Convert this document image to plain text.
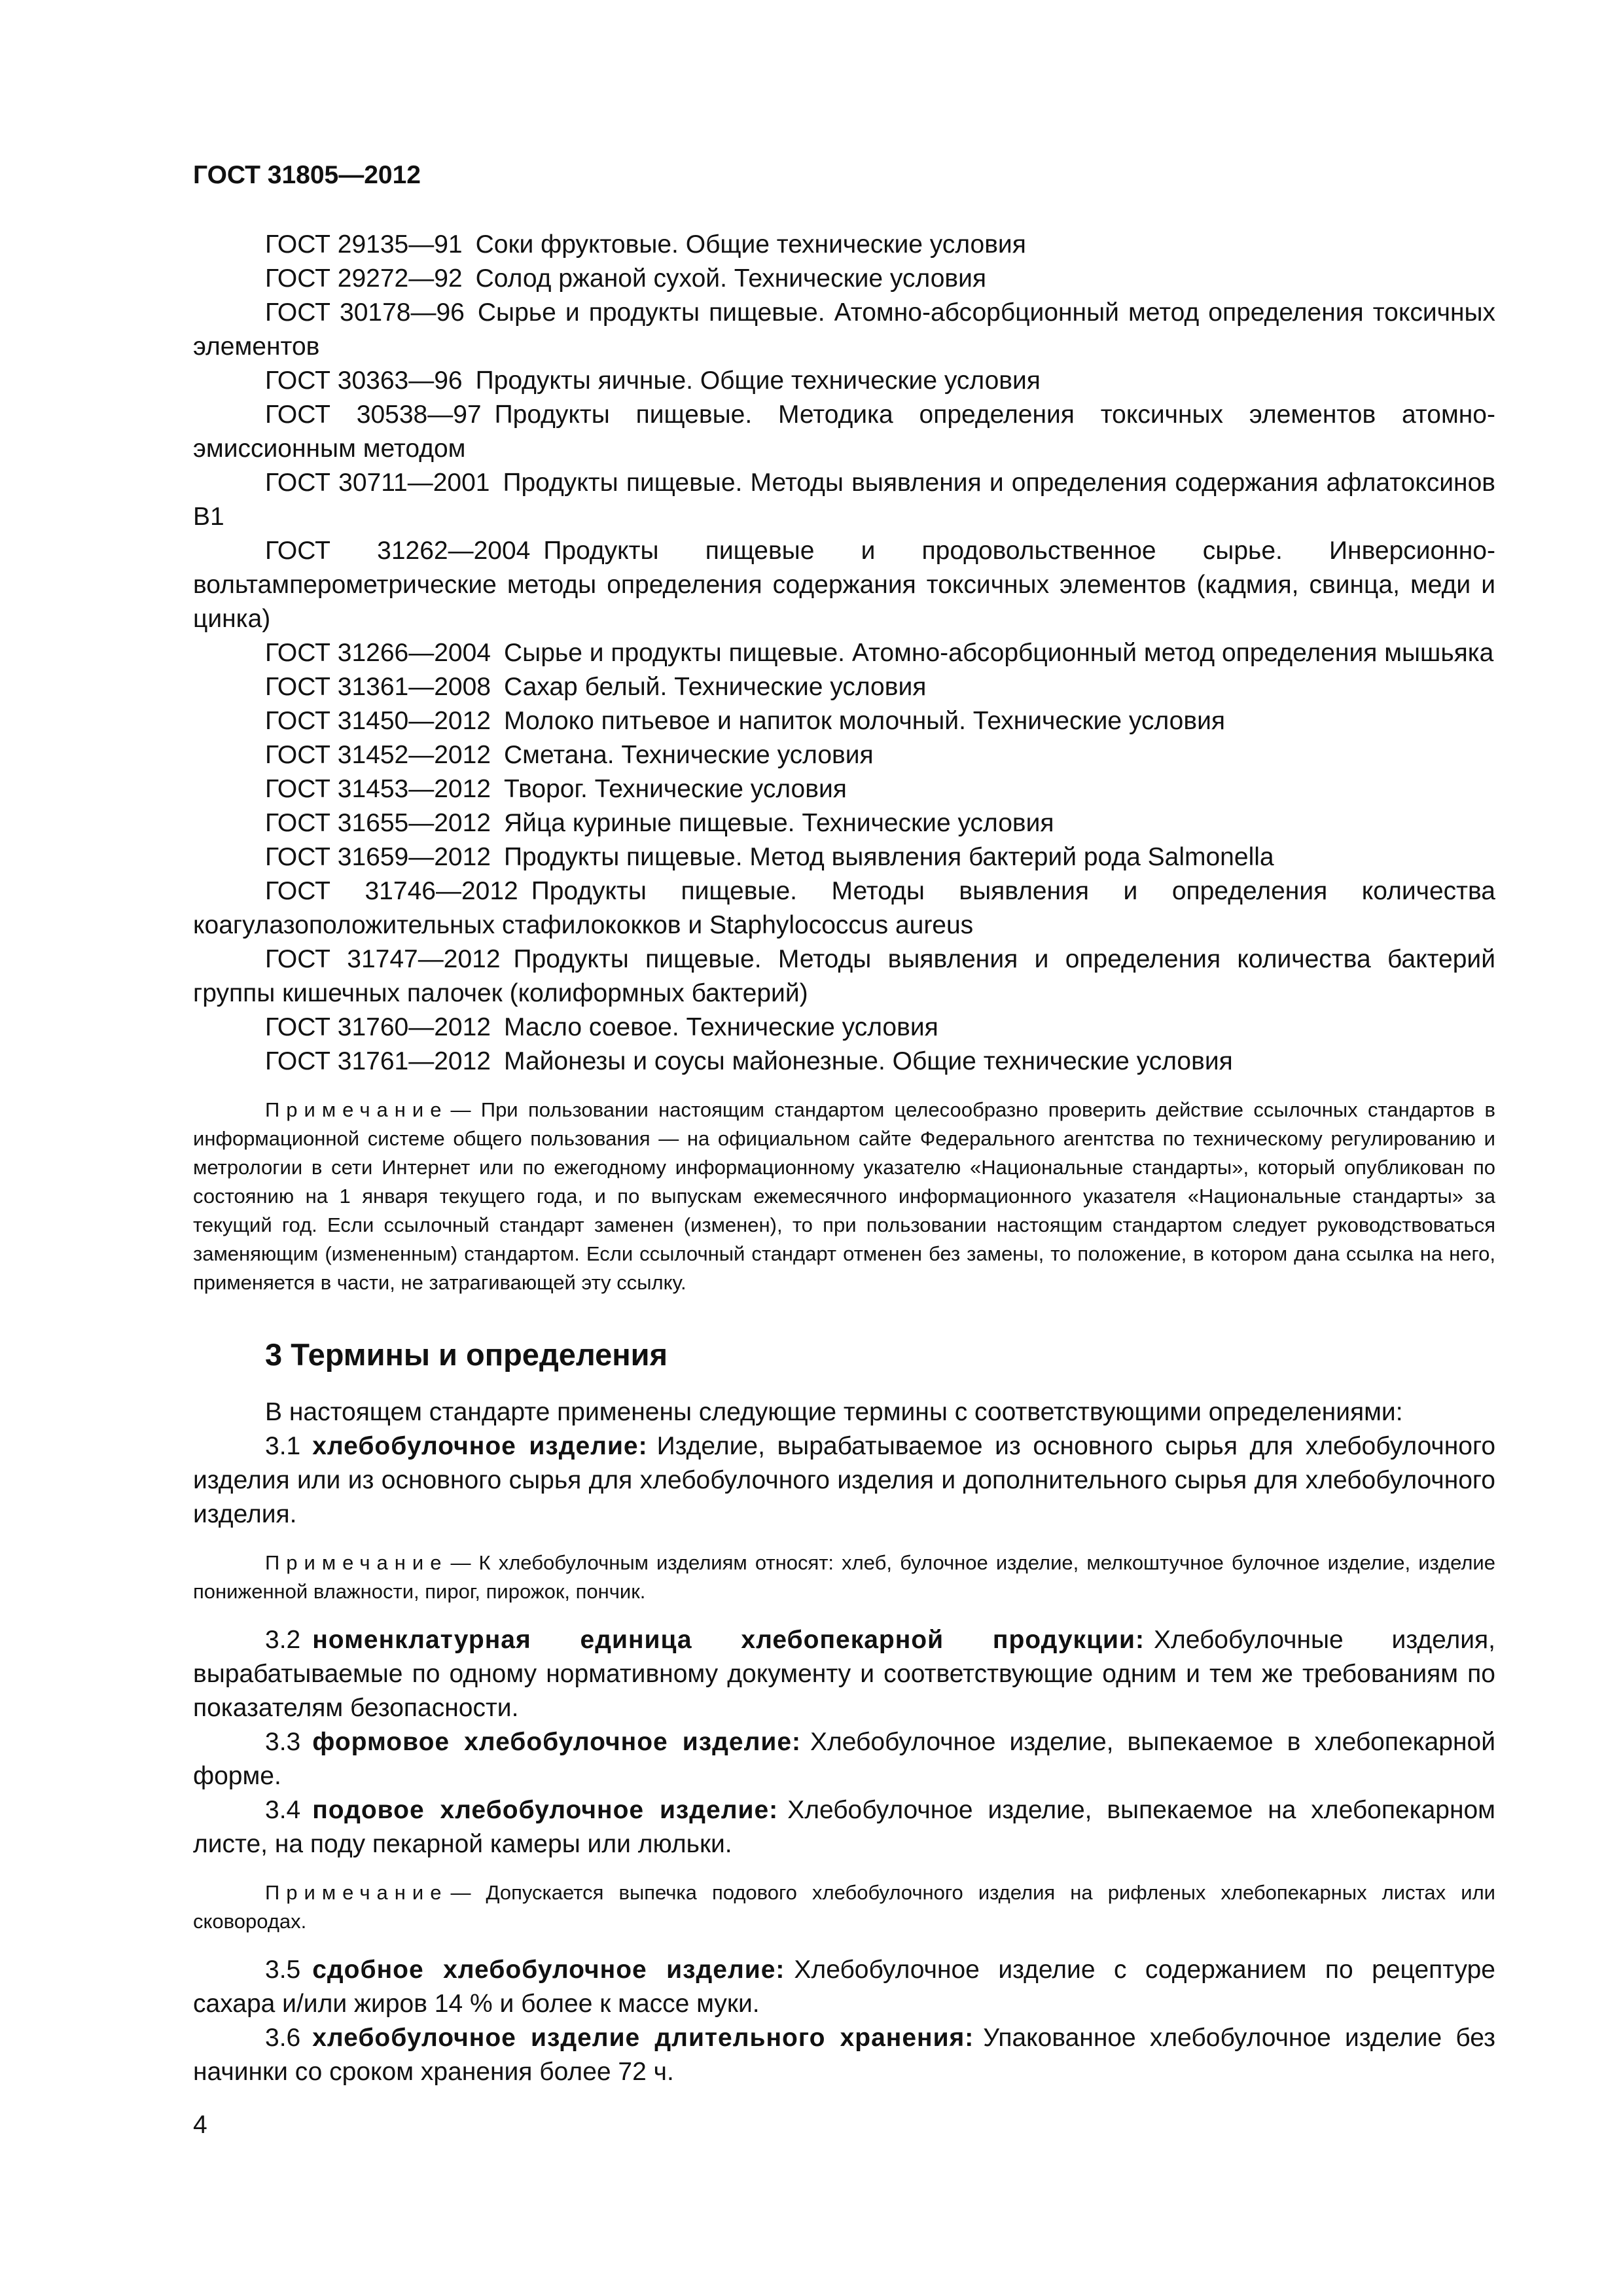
ГОСТ 31805—2012

ГОСТ 29135—91 Соки фруктовые. Общие технические условия

ГОСТ 29272—92 Солод ржаной сухой. Технические условия

ГОСТ 30178—96 Сырье и продукты пищевые. Атомно-абсорбционный метод определения токсичных элементов

ГОСТ 30363—96 Продукты яичные. Общие технические условия

ГОСТ 30538—97 Продукты пищевые. Методика определения токсичных элементов атомно-эмиссионным методом

ГОСТ 30711—2001 Продукты пищевые. Методы выявления и определения содержания афлатоксинов В1

ГОСТ 31262—2004 Продукты пищевые и продовольственное сырье. Инверсионно-вольтамперометрические методы определения содержания токсичных элементов (кадмия, свинца, меди и цинка)

ГОСТ 31266—2004 Сырье и продукты пищевые. Атомно-абсорбционный метод определения мышьяка

ГОСТ 31361—2008 Сахар белый. Технические условия

ГОСТ 31450—2012 Молоко питьевое и напиток молочный. Технические условия

ГОСТ 31452—2012 Сметана. Технические условия

ГОСТ 31453—2012 Творог. Технические условия

ГОСТ 31655—2012 Яйца куриные пищевые. Технические условия

ГОСТ 31659—2012 Продукты пищевые. Метод выявления бактерий рода Salmonella

ГОСТ 31746—2012 Продукты пищевые. Методы выявления и определения количества коагулазоположительных стафилококков и Staphylococcus aureus

ГОСТ 31747—2012 Продукты пищевые. Методы выявления и определения количества бактерий группы кишечных палочек (колиформных бактерий)

ГОСТ 31760—2012 Масло соевое. Технические условия

ГОСТ 31761—2012 Майонезы и соусы майонезные. Общие технические условия

Примечание — При пользовании настоящим стандартом целесообразно проверить действие ссылочных стандартов в информационной системе общего пользования — на официальном сайте Федерального агентства по техническому регулированию и метрологии в сети Интернет или по ежегодному информационному указателю «Национальные стандарты», который опубликован по состоянию на 1 января текущего года, и по выпускам ежемесячного информационного указателя «Национальные стандарты» за текущий год. Если ссылочный стандарт заменен (изменен), то при пользовании настоящим стандартом следует руководствоваться заменяющим (измененным) стандартом. Если ссылочный стандарт отменен без замены, то положение, в котором дана ссылка на него, применяется в части, не затрагивающей эту ссылку.

3 Термины и определения

В настоящем стандарте применены следующие термины с соответствующими определениями:

3.1 хлебобулочное изделие: Изделие, вырабатываемое из основного сырья для хлебобулочного изделия или из основного сырья для хлебобулочного изделия и дополнительного сырья для хлебобулочного изделия.

Примечание — К хлебобулочным изделиям относят: хлеб, булочное изделие, мелкоштучное булочное изделие, изделие пониженной влажности, пирог, пирожок, пончик.

3.2 номенклатурная единица хлебопекарной продукции: Хлебобулочные изделия, вырабатываемые по одному нормативному документу и соответствующие одним и тем же требованиям по показателям безопасности.

3.3 формовое хлебобулочное изделие: Хлебобулочное изделие, выпекаемое в хлебопекарной форме.

3.4 подовое хлебобулочное изделие: Хлебобулочное изделие, выпекаемое на хлебопекарном листе, на поду пекарной камеры или люльки.

Примечание — Допускается выпечка подового хлебобулочного изделия на рифленых хлебопекарных листах или сковородах.

3.5 сдобное хлебобулочное изделие: Хлебобулочное изделие с содержанием по рецептуре сахара и/или жиров 14 % и более к массе муки.

3.6 хлебобулочное изделие длительного хранения: Упакованное хлебобулочное изделие без начинки со сроком хранения более 72 ч.

4
